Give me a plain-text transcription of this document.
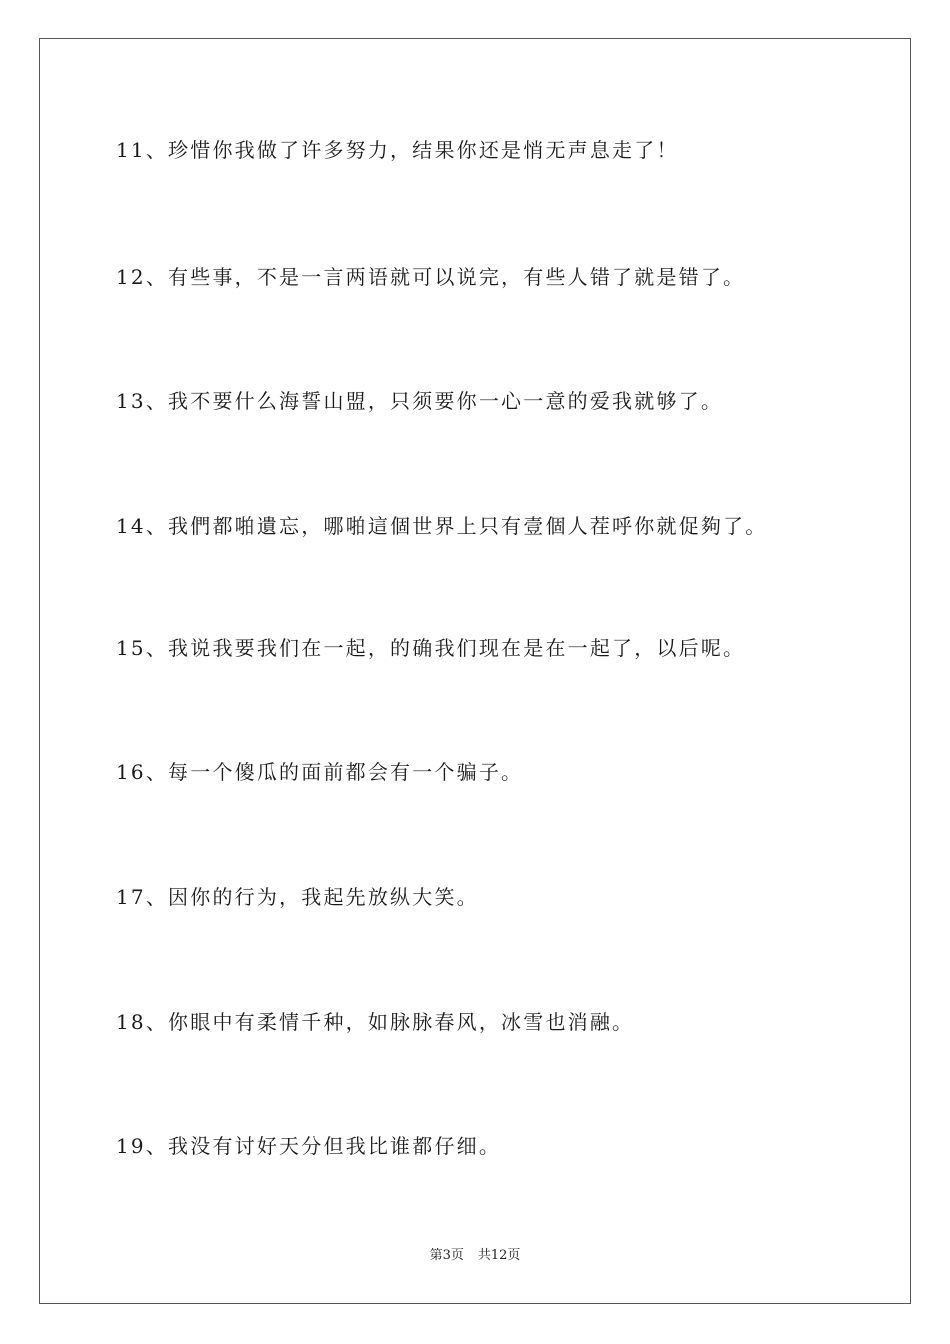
11、珍惜你我做了许多努力，结果你还是悄无声息走了！
12、有些事，不是一言两语就可以说完，有些人错了就是错了。
13、我不要什么海誓山盟，只须要你一心一意的爱我就够了。
14、我們都啪遺忘，哪啪這個世界上只有壹個人茬呼你就促夠了。
15、我说我要我们在一起，的确我们现在是在一起了，以后呢。
16、每一个傻瓜的面前都会有一个骗子。
17、因你的行为，我起先放纵大笑。
18、你眼中有柔情千种，如脉脉春风，冰雪也消融。
19、我没有讨好天分但我比谁都仔细。
第3页 共12页
